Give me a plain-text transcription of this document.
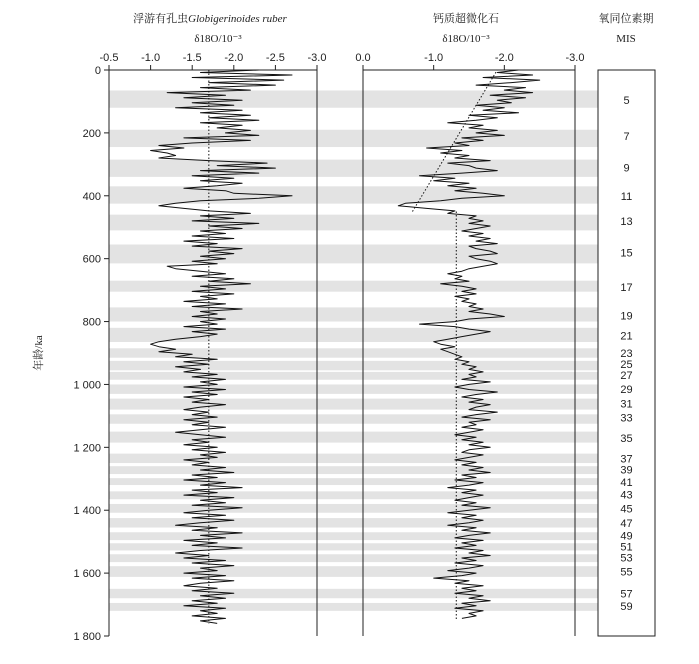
浮游有孔虫Globigerinoides ruber
δ18O/10⁻³
钙质超微化石
δ18O/10⁻³
氧同位素期
MIS
年龄/ka
0
200
400
600
800
1 000
1 200
1 400
1 600
1 800
-0.5 -1.0 -1.5 -2.0 -2.5 -3.0	0.0	-1.0	-2.0	-3.0
5
7
9
11
13
15
17
19
21
23
25
27
29
31
33
35
37
39
41
43
45
47
49
51
53
55
57
59
